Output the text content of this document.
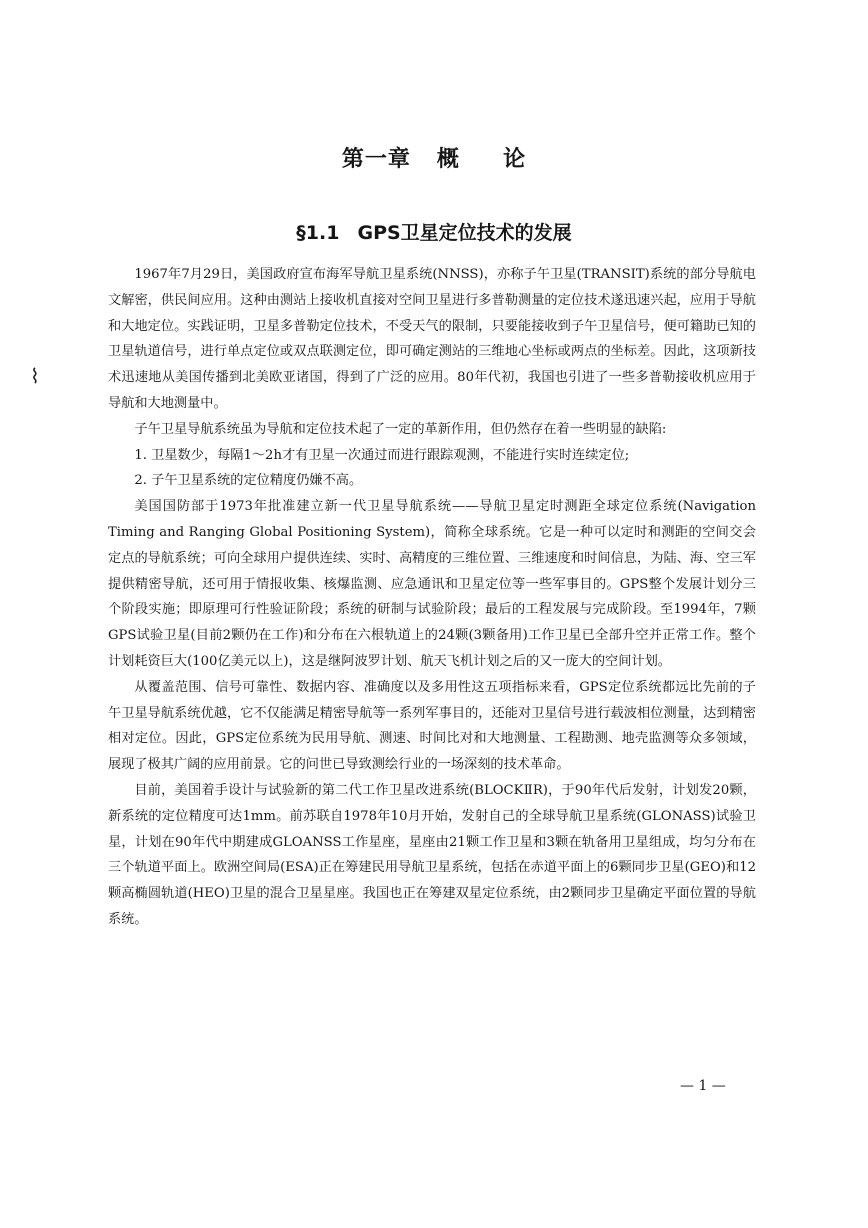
第一章   概     论
§1.1 GPS卫星定位技术的发展
⌇

1967年7月29日，美国政府宣布海军导航卫星系统(NNSS)，亦称子午卫星(TRANSIT)系统的部分导航电文解密，供民间应用。这种由测站上接收机直接对空间卫星进行多普勒测量的定位技术遂迅速兴起，应用于导航和大地定位。实践证明，卫星多普勒定位技术，不受天气的限制，只要能接收到子午卫星信号，便可籍助已知的卫星轨道信号，进行单点定位或双点联测定位，即可确定测站的三维地心坐标或两点的坐标差。因此，这项新技术迅速地从美国传播到北美欧亚诸国，得到了广泛的应用。80年代初，我国也引进了一些多普勒接收机应用于导航和大地测量中。

子午卫星导航系统虽为导航和定位技术起了一定的革新作用，但仍然存在着一些明显的缺陷:

1. 卫星数少，每隔1～2h才有卫星一次通过而进行跟踪观测，不能进行实时连续定位;

2. 子午卫星系统的定位精度仍嫌不高。

美国国防部于1973年批准建立新一代卫星导航系统——导航卫星定时测距全球定位系统(Navigation Timing and Ranging Global Positioning System)，简称全球系统。它是一种可以定时和测距的空间交会定点的导航系统；可向全球用户提供连续、实时、高精度的三维位置、三维速度和时间信息，为陆、海、空三军提供精密导航，还可用于情报收集、核爆监测、应急通讯和卫星定位等一些军事目的。GPS整个发展计划分三个阶段实施；即原理可行性验证阶段；系统的研制与试验阶段；最后的工程发展与完成阶段。至1994年，7颗GPS试验卫星(目前2颗仍在工作)和分布在六根轨道上的24颗(3颗备用)工作卫星已全部升空并正常工作。整个计划耗资巨大(100亿美元以上)，这是继阿波罗计划、航天飞机计划之后的又一庞大的空间计划。

从覆盖范围、信号可靠性、数据内容、准确度以及多用性这五项指标来看，GPS定位系统都远比先前的子午卫星导航系统优越，它不仅能满足精密导航等一系列军事目的，还能对卫星信号进行载波相位测量，达到精密相对定位。因此，GPS定位系统为民用导航、测速、时间比对和大地测量、工程勘测、地壳监测等众多领域，展现了极其广阔的应用前景。它的问世已导致测绘行业的一场深刻的技术革命。

目前，美国着手设计与试验新的第二代工作卫星改进系统(BLOCKⅡR)，于90年代后发射，计划发20颗，新系统的定位精度可达1mm。前苏联自1978年10月开始，发射自己的全球导航卫星系统(GLONASS)试验卫星，计划在90年代中期建成GLOANSS工作星座，星座由21颗工作卫星和3颗在轨备用卫星组成，均匀分布在三个轨道平面上。欧洲空间局(ESA)正在筹建民用导航卫星系统，包括在赤道平面上的6颗同步卫星(GEO)和12颗高椭圆轨道(HEO)卫星的混合卫星星座。我国也正在筹建双星定位系统，由2颗同步卫星确定平面位置的导航系统。

— 1 —
